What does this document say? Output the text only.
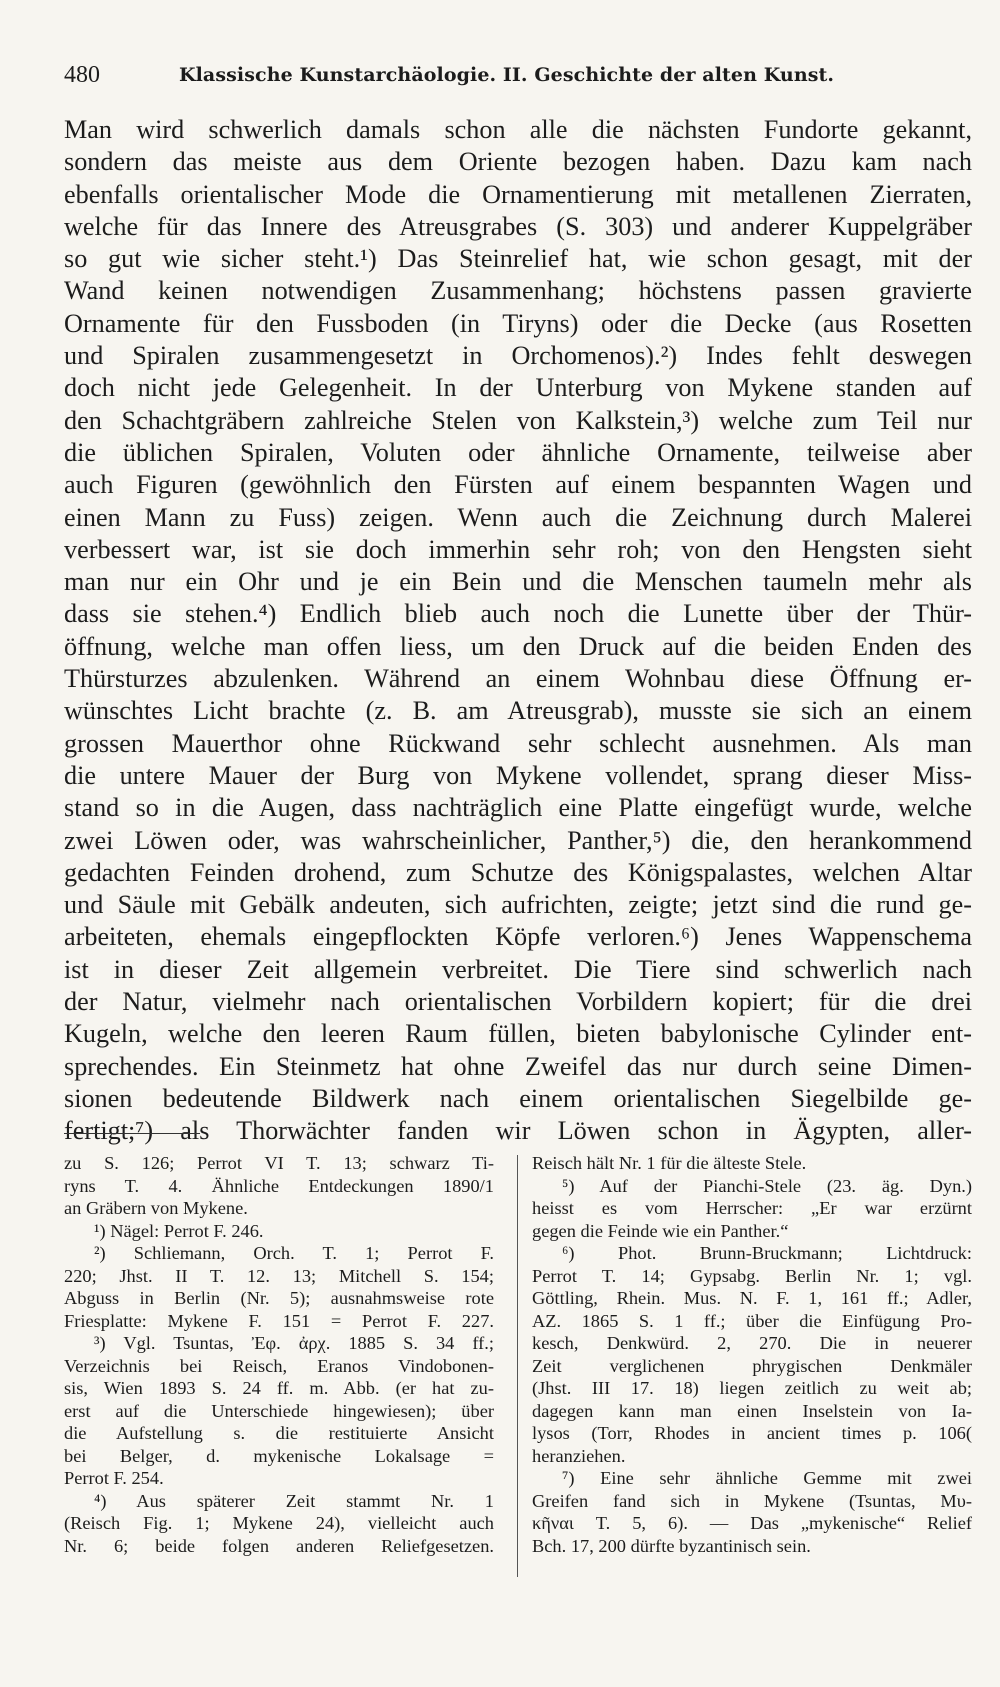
480	Klassische Kunstarchäologie. II. Geschichte der alten Kunst.
Man wird schwerlich damals schon alle die nächsten Fundorte gekannt,
sondern das meiste aus dem Oriente bezogen haben. Dazu kam nach
ebenfalls orientalischer Mode die Ornamentierung mit metallenen Zierraten,
welche für das Innere des Atreusgrabes (S. 303) und anderer Kuppelgräber
so gut wie sicher steht.¹) Das Steinrelief hat, wie schon gesagt, mit der
Wand keinen notwendigen Zusammenhang; höchstens passen gravierte
Ornamente für den Fussboden (in Tiryns) oder die Decke (aus Rosetten
und Spiralen zusammengesetzt in Orchomenos).²) Indes fehlt deswegen
doch nicht jede Gelegenheit. In der Unterburg von Mykene standen auf
den Schachtgräbern zahlreiche Stelen von Kalkstein,³) welche zum Teil nur
die üblichen Spiralen, Voluten oder ähnliche Ornamente, teilweise aber
auch Figuren (gewöhnlich den Fürsten auf einem bespannten Wagen und
einen Mann zu Fuss) zeigen. Wenn auch die Zeichnung durch Malerei
verbessert war, ist sie doch immerhin sehr roh; von den Hengsten sieht
man nur ein Ohr und je ein Bein und die Menschen taumeln mehr als
dass sie stehen.⁴) Endlich blieb auch noch die Lunette über der Thür-
öffnung, welche man offen liess, um den Druck auf die beiden Enden des
Thürsturzes abzulenken. Während an einem Wohnbau diese Öffnung er-
wünschtes Licht brachte (z. B. am Atreusgrab), musste sie sich an einem
grossen Mauerthor ohne Rückwand sehr schlecht ausnehmen. Als man
die untere Mauer der Burg von Mykene vollendet, sprang dieser Miss-
stand so in die Augen, dass nachträglich eine Platte eingefügt wurde, welche
zwei Löwen oder, was wahrscheinlicher, Panther,⁵) die, den herankommend
gedachten Feinden drohend, zum Schutze des Königspalastes, welchen Altar
und Säule mit Gebälk andeuten, sich aufrichten, zeigte; jetzt sind die rund ge-
arbeiteten, ehemals eingepflockten Köpfe verloren.⁶) Jenes Wappenschema
ist in dieser Zeit allgemein verbreitet. Die Tiere sind schwerlich nach
der Natur, vielmehr nach orientalischen Vorbildern kopiert; für die drei
Kugeln, welche den leeren Raum füllen, bieten babylonische Cylinder ent-
sprechendes. Ein Steinmetz hat ohne Zweifel das nur durch seine Dimen-
sionen bedeutende Bildwerk nach einem orientalischen Siegelbilde ge-
fertigt;⁷) als Thorwächter fanden wir Löwen schon in Ägypten, aller-
zu S. 126; Perrot VI T. 13; schwarz Ti-
ryns T. 4. Ähnliche Entdeckungen 1890/1
an Gräbern von Mykene.
¹) Nägel: Perrot F. 246.
²) Schliemann, Orch. T. 1; Perrot F.
220; Jhst. II T. 12. 13; Mitchell S. 154;
Abguss in Berlin (Nr. 5); ausnahmsweise rote
Friesplatte: Mykene F. 151 = Perrot F. 227.
³) Vgl. Tsuntas, Ἐφ. ἀρχ. 1885 S. 34 ff.;
Verzeichnis bei Reisch, Eranos Vindobonen-
sis, Wien 1893 S. 24 ff. m. Abb. (er hat zu-
erst auf die Unterschiede hingewiesen); über
die Aufstellung s. die restituierte Ansicht
bei Belger, d. mykenische Lokalsage =
Perrot F. 254.
⁴) Aus späterer Zeit stammt Nr. 1
(Reisch Fig. 1; Mykene 24), vielleicht auch
Nr. 6; beide folgen anderen Reliefgesetzen.
Reisch hält Nr. 1 für die älteste Stele.
⁵) Auf der Pianchi-Stele (23. äg. Dyn.)
heisst es vom Herrscher: „Er war erzürnt
gegen die Feinde wie ein Panther.“
⁶) Phot. Brunn-Bruckmann; Lichtdruck:
Perrot T. 14; Gypsabg. Berlin Nr. 1; vgl.
Göttling, Rhein. Mus. N. F. 1, 161 ff.; Adler,
AZ. 1865 S. 1 ff.; über die Einfügung Pro-
kesch, Denkwürd. 2, 270. Die in neuerer
Zeit verglichenen phrygischen Denkmäler
(Jhst. III 17. 18) liegen zeitlich zu weit ab;
dagegen kann man einen Inselstein von Ia-
lysos (Torr, Rhodes in ancient times p. 106(
heranziehen.
⁷) Eine sehr ähnliche Gemme mit zwei
Greifen fand sich in Mykene (Tsuntas, Μυ-
κῆναι T. 5, 6). — Das „mykenische“ Relief
Bch. 17, 200 dürfte byzantinisch sein.
